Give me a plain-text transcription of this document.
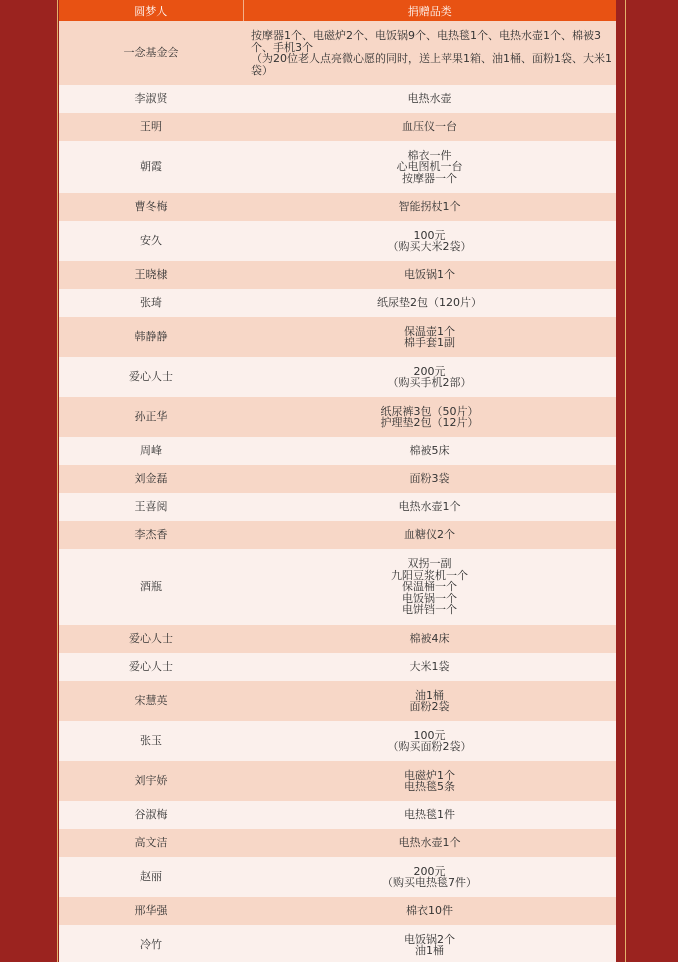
圆梦人	捐赠品类
一念基金会	按摩器1个、电磁炉2个、电饭锅9个、电热毯1个、电热水壶1个、棉被3个、手机3个
（为20位老人点亮微心愿的同时，送上苹果1箱、油1桶、面粉1袋、大米1袋）
李淑贤	电热水壶
王明	血压仪一台
朝霞	棉衣一件
心电图机一台
按摩器一个
曹冬梅	智能拐杖1个
安久	100元
（购买大米2袋）
王晓棣	电饭锅1个
张琦	纸尿垫2包（120片）
韩静静	保温壶1个
棉手套1副
爱心人士	200元
（购买手机2部）
孙正华	纸尿裤3包（50片）
护理垫2包（12片）
周峰	棉被5床
刘金磊	面粉3袋
王喜阅	电热水壶1个
李杰香	血糖仪2个
酒瓶	双拐一副
九阳豆浆机一个
保温桶一个
电饭锅一个
电饼铛一个
爱心人士	棉被4床
爱心人士	大米1袋
宋慧英	油1桶
面粉2袋
张玉	100元
（购买面粉2袋）
刘宇娇	电磁炉1个
电热毯5条
谷淑梅	电热毯1件
高文洁	电热水壶1个
赵丽	200元
（购买电热毯7件）
邢华强	棉衣10件
冷竹	电饭锅2个
油1桶
